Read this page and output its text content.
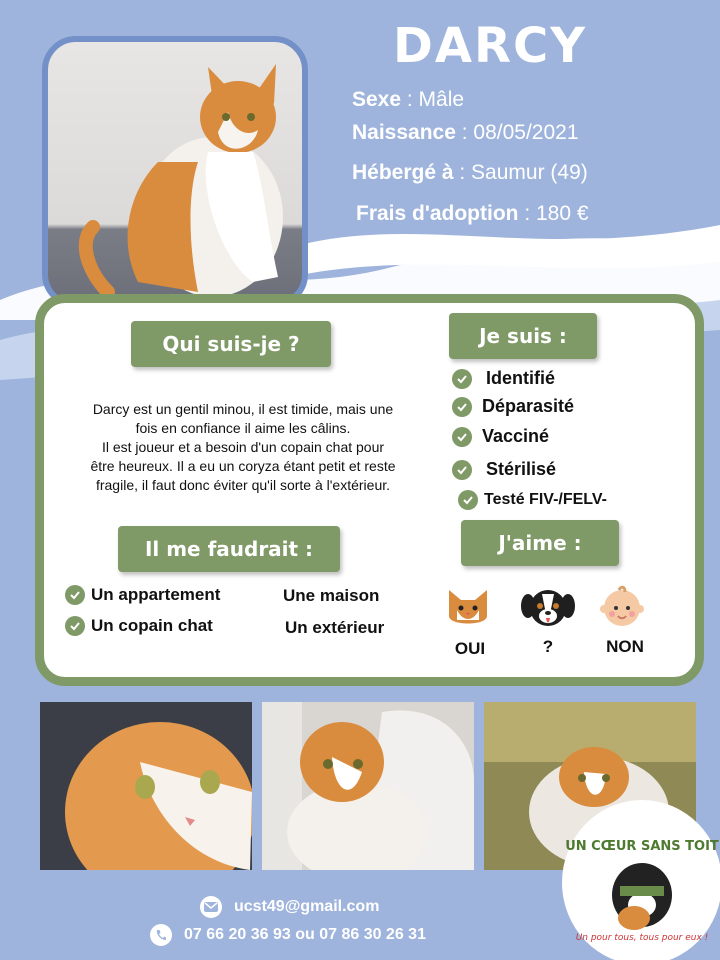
DARCY
Sexe : Mâle
Naissance : 08/05/2021
Hébergé à : Saumur (49)
Frais d'adoption : 180 €
Identification : 250269608991634
Qui suis-je ?	Je suis :
Il me faudrait :	J'aime :
Darcy est un gentil minou, il est timide, mais une
fois en confiance il aime les câlins.
Il est joueur et a besoin d'un copain chat pour
être heureux. Il a eu un coryza étant petit et reste
fragile, il faut donc éviter qu'il sorte à l'extérieur.
Identifié
Déparasité
Vacciné
Stérilisé
Testé FIV-/FELV-
Un appartement
Un copain chat
Une maison
Un extérieur
OUI	?	NON
ucst49@gmail.com
07 66 20 36 93 ou 07 86 30 26 31
UN CŒUR SANS TOIT
Un pour tous, tous pour eux !
